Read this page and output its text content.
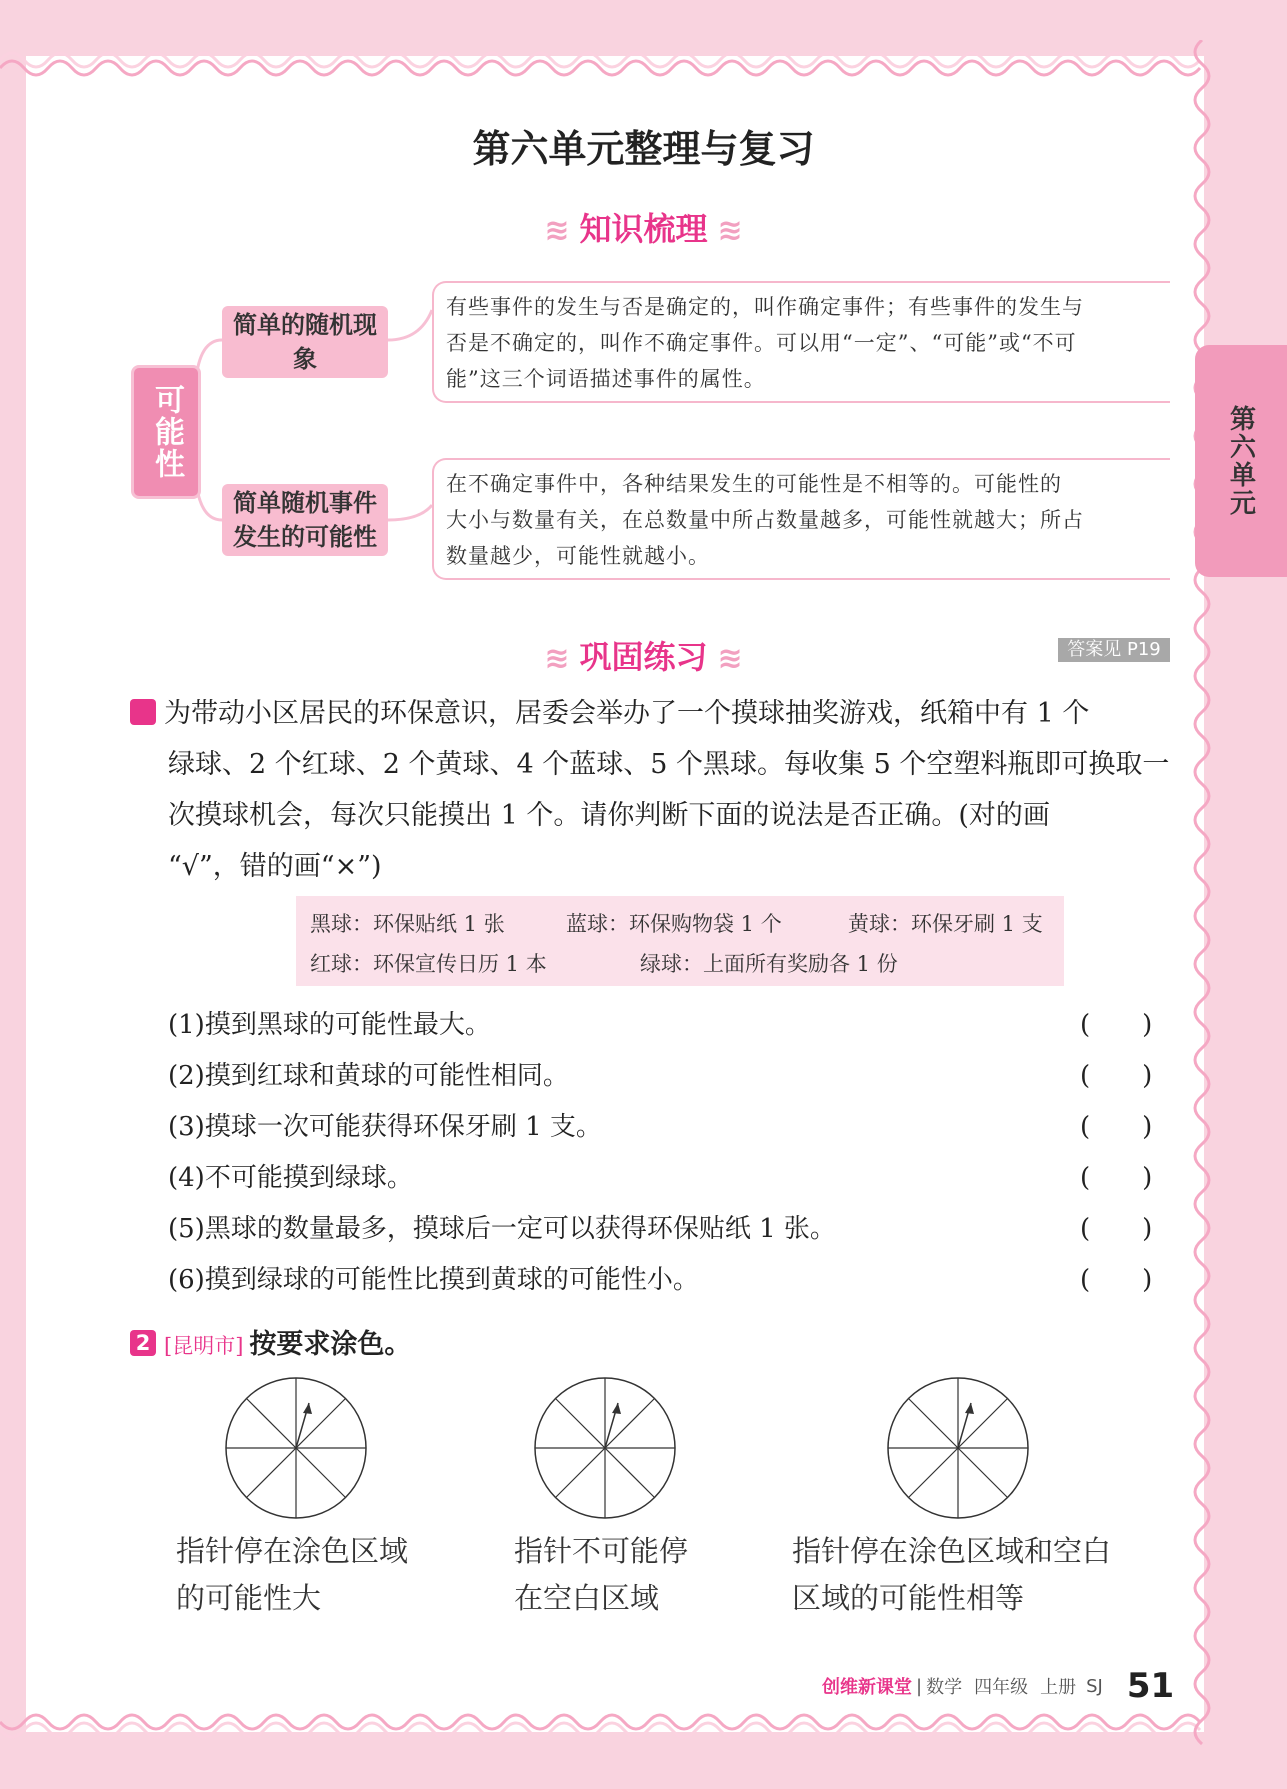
第六单元
第六单元整理与复习
≋ 知识梳理 ≋
可能性
简单的随机现象
简单随机事件发生的可能性
有些事件的发生与否是确定的，叫作确定事件；有些事件的发生与
否是不确定的，叫作不确定事件。可以用“一定”、“可能”或“不可
能”这三个词语描述事件的属性。
在不确定事件中，各种结果发生的可能性是不相等的。可能性的
大小与数量有关，在总数量中所占数量越多，可能性就越大；所占
数量越少，可能性就越小。
≋ 巩固练习 ≋	答案见 P19
1 为带动小区居民的环保意识，居委会举办了一个摸球抽奖游戏，纸箱中有 1 个
绿球、2 个红球、2 个黄球、4 个蓝球、5 个黑球。每收集 5 个空塑料瓶即可换取一
次摸球机会，每次只能摸出 1 个。请你判断下面的说法是否正确。(对的画
“√”，错的画“×”)
黑球：环保贴纸 1 张	蓝球：环保购物袋 1 个	黄球：环保牙刷 1 支
红球：环保宣传日历 1 本	绿球：上面所有奖励各 1 份
(1)摸到黑球的可能性最大。	(　　)
(2)摸到红球和黄球的可能性相同。	(　　)
(3)摸球一次可能获得环保牙刷 1 支。	(　　)
(4)不可能摸到绿球。	(　　)
(5)黑球的数量最多，摸球后一定可以获得环保贴纸 1 张。	(　　)
(6)摸到绿球的可能性比摸到黄球的可能性小。	(　　)
2 [昆明市] 按要求涂色。
指针停在涂色区域
的可能性大
指针不可能停
在空白区域
指针停在涂色区域和空白
区域的可能性相等
创维新课堂 | 数学 四年级 上册 SJ 51
